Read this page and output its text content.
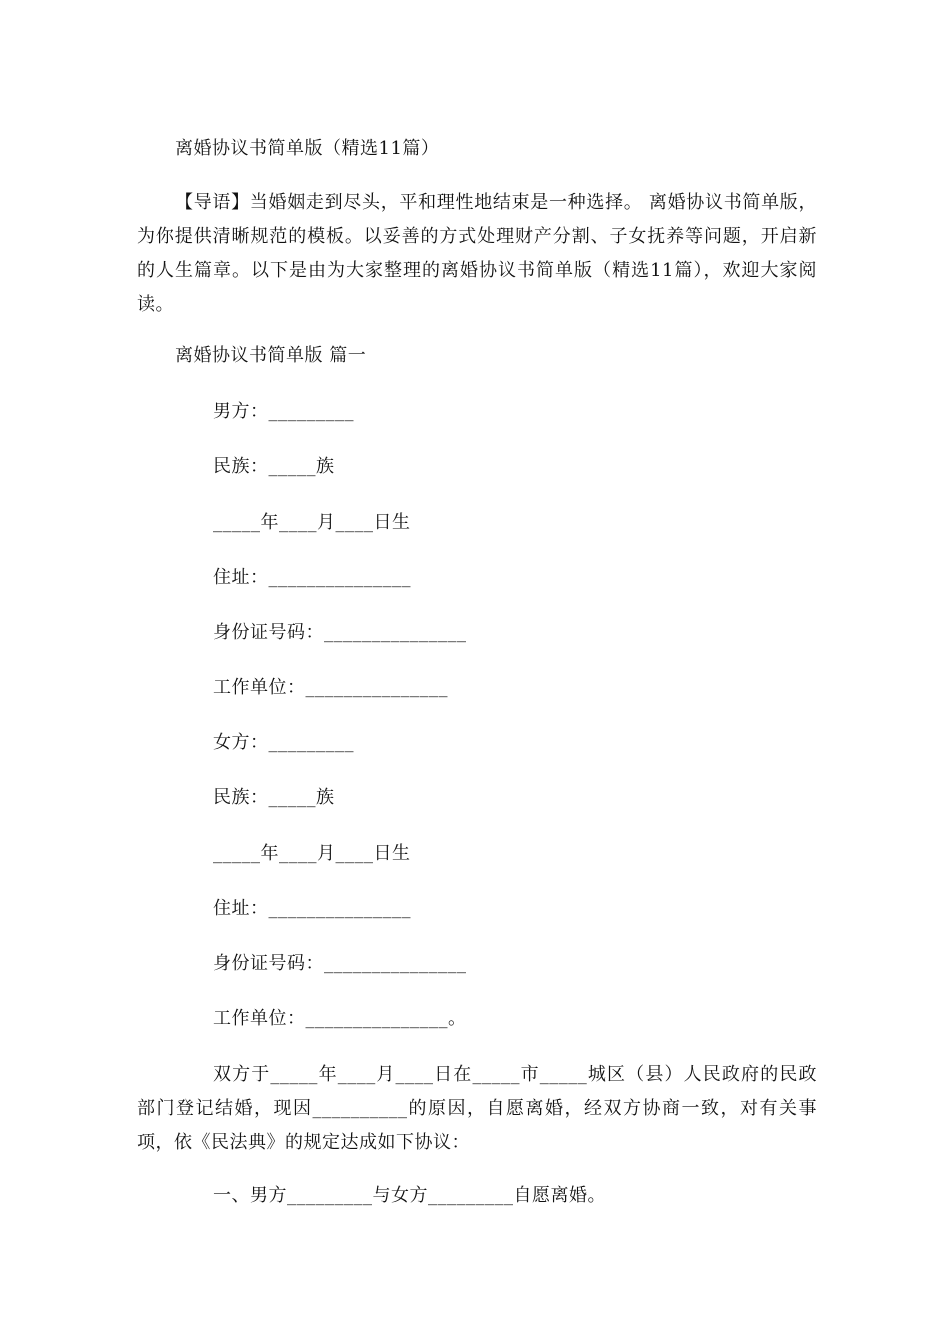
离婚协议书简单版（精选11篇）

【导语】当婚姻走到尽头，平和理性地结束是一种选择。 离婚协议书简单版，为你提供清晰规范的模板。以妥善的方式处理财产分割、子女抚养等问题，开启新的人生篇章。以下是由为大家整理的离婚协议书简单版（精选11篇），欢迎大家阅读。

离婚协议书简单版 篇一
男方：_________
民族：_____族
_____年____月____日生
住址：_______________
身份证号码：_______________
工作单位：_______________
女方：_________
民族：_____族
_____年____月____日生
住址：_______________
身份证号码：_______________
工作单位：_______________。

双方于_____年____月____日在_____市_____城区（县）人民政府的民政部门登记结婚，现因__________的原因，自愿离婚，经双方协商一致，对有关事项，依《民法典》的规定达成如下协议：

一、男方_________与女方_________自愿离婚。
